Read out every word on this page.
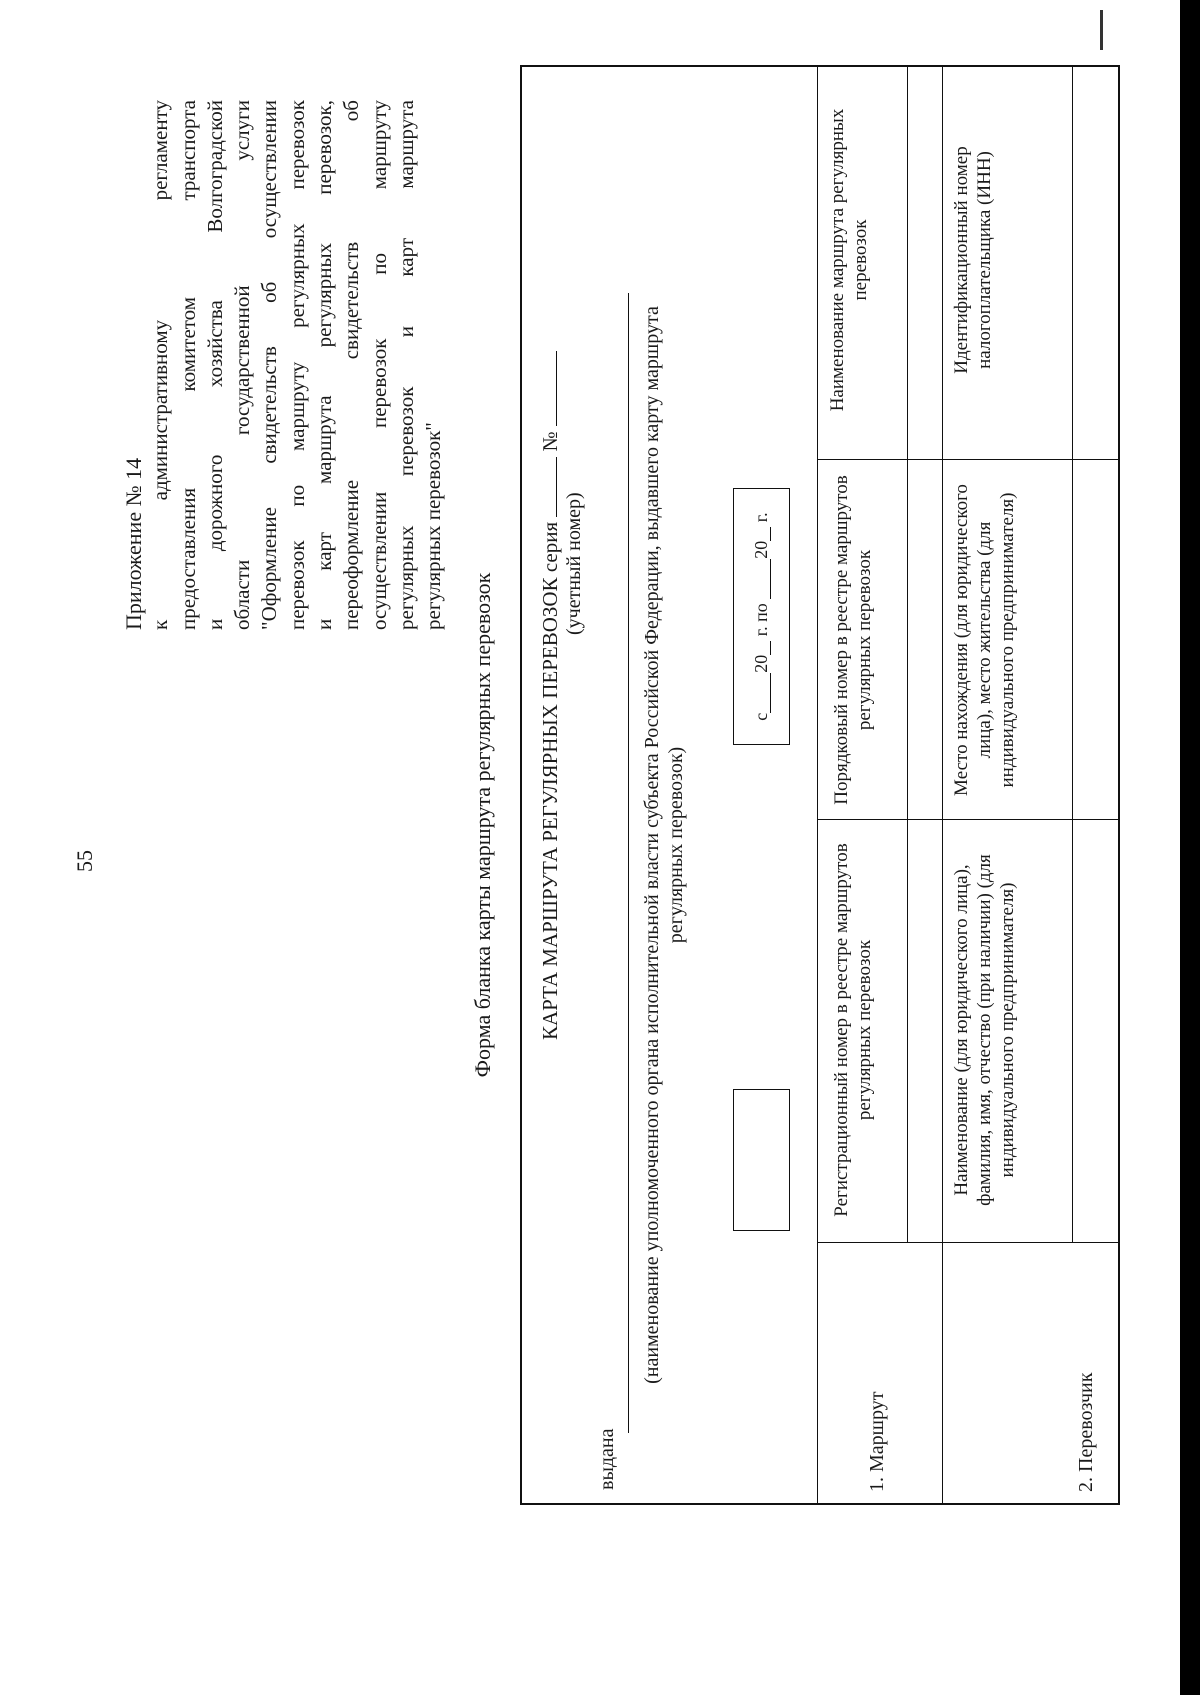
55
Приложение № 14 к административному регламенту предоставления комитетом транспорта и дорожного хозяйства Волгоградской области государственной услуги "Оформление свидетельств об осуществлении перевозок по маршруту регулярных перевозок и карт маршрута регулярных перевозок, переоформление свидетельств об осуществлении перевозок по маршруту регулярных перевозок и карт маршрута регулярных перевозок"
Форма бланка карты маршрута регулярных перевозок КАРТА МАРШРУТА РЕГУЛЯРНЫХ ПЕРЕВОЗОК серия  №
(учетный номер)
выдана
(наименование уполномоченного органа исполнительной власти субъекта Российской Федерации, выдавшего карту маршрута регулярных перевозок)
с
20

г. по

20

г.
1. Маршрут
Регистрационный номер в реестре маршрутов регулярных перевозок
Порядковый номер в реестре маршрутов регулярных перевозок
Наименование маршрута регулярных перевозок
2. Перевозчик
Наименование (для юридического лица), фамилия, имя, отчество (при наличии) (для индивидуального предпринимателя)
Место нахождения (для юридического лица), место жительства (для индивидуального предпринимателя)
Идентификационный номер налогоплательщика (ИНН)
